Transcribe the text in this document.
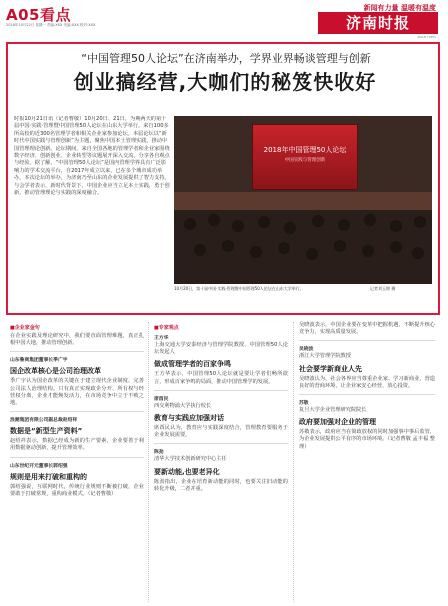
A05看点
2018年10月22日 星期一 责编:XXX 美编:XXX 校对:XXX
新闻有力量 温暖有温度
济南时报
JINAN TIMES
“中国管理50人论坛”在济南举办，学界业界畅谈管理与创新
创业搞经营,大咖们的秘笈快收好
时报10月21日讯（记者曹敬）10月20日、21日，为期两天的第十届中国·实践·管理暨中国管理50人论坛在山东大学举行。来自100多所高校的近300名管理学者和相关企业家参加论坛。本届论坛以“新时代中国实践与管理创新”为主题，聚焦中国本土管理实践，推动中国管理理论创新。论坛期间，来自全国各地的管理学者和企业家围绕数字经济、创新创业、企业转型等议题展开深入交流，分享各自观点与经验。据了解，“中国管理50人论坛”是国内管理学界具有广泛影响力的学术交流平台，自2017年成立以来，已在多个城市成功举办。本次论坛的举办，为济南乃至山东的企业发展提供了智力支持。与会学者表示，新时代背景下，中国企业应当立足本土实践，勇于创新，推动管理理论与实践的深度融合。
2018年中国管理50人论坛
中国实践与管理创新
10月20日，第十届中国·实践·管理暨中国管理50人论坛在山东大学举行。	记者刘玉锦 摄
■企业家金句
在企业实践及理论研究中，我们要直面管理难题，真正扎根中国大地，推动管理创新。
山东鲁商集团董事长季广宇
国企改革核心是公司治理改革
季广宇认为国企改革的关键在于建立现代企业制度，完善公司法人治理结构。只有真正实现政企分开、所有权与经营权分离，企业才能焕发活力，在市场竞争中立于不败之地。
浪潮集团有限公司副总裁赵绍祥
数据是“新型生产资料”
赵绍祥表示，数据已经成为新的生产要素，企业要善于利用数据驱动创新，提升管理效率。
山东世纪开元董事长郭绍强
规则是用来打破和重构的
郭绍强说，互联网时代，传统行业规则不断被打破，企业要敢于打破常规，重构商业模式。（记者曹敬）
■专家观点
王方华
上海交通大学安泰经济与管理学院教授、中国管理50人论坛发起人
做成管理学者的百家争鸣
王方华表示，中国管理50人论坛就是要让学者们畅所欲言，形成百家争鸣的局面，推动中国管理学的发展。
席酉民
西交利物浦大学执行校长
教育与实践应加强对话
席酉民认为，教育应与实践深度结合，管理教育要服务于企业发展需要。
陈劲
清华大学技术创新研究中心主任
要新动能,也要老异化
陈劲指出，企业在培育新动能的同时，也要关注旧动能的转化升级，二者并重。
吴晓波表示，中国企业要在变革中把握机遇，不断提升核心竞争力，实现高质量发展。
吴晓波
浙江大学管理学院教授
社会要学新商业人先
吴晓波认为，社会各界应当尊重企业家、学习新商业，营造良好的营商环境，让企业家安心经营、放心投资。
苏敬
复旦大学企业管理研究院院长
政府要加强对企业的管理
苏敬表示，政府应当在简政放权的同时加强事中事后监管，为企业发展提供公平有序的市场环境。（记者曹敬 孟丰福 整理）
